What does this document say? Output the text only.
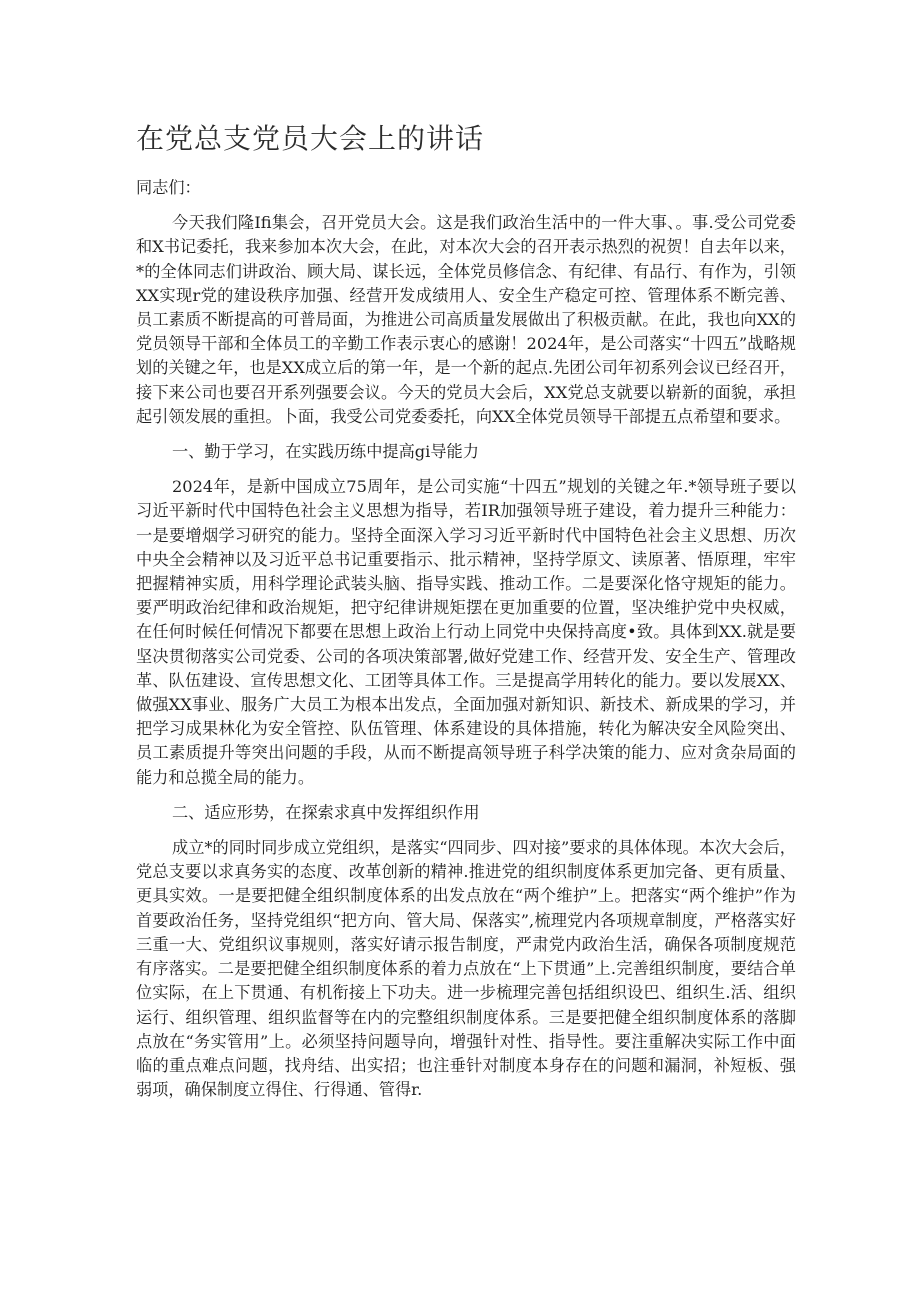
在党总支党员大会上的讲话

同志们：

今天我们隆Ifi集会，召开党员大会。这是我们政治生活中的一件大事、。事.受公司党委和X书记委托，我来参加本次大会，在此，对本次大会的召开表示热烈的祝贺！自去年以来，*的全体同志们讲政治、顾大局、谋长远，全体党员修信念、有纪律、有品行、有作为，引领XX实现r党的建设秩序加强、经营开发成绩用人、安全生产稳定可控、管理体系不断完善、员工素质不断提高的可普局面，为推进公司高质量发展做出了积极贡献。在此，我也向XX的党员领导干部和全体员工的辛勤工作表示衷心的感谢！2024年，是公司落实“十四五”战略规划的关键之年，也是XX成立后的第一年，是一个新的起点.先团公司年初系列会议已经召开，接下来公司也要召开系列强要会议。今天的党员大会后，XX党总支就要以崭新的面貌，承担起引领发展的重担。卜面，我受公司党委委托，向XX全体党员领导干部提五点希望和要求。

一、勤于学习，在实践历练中提高gi导能力

2024年，是新中国成立75周年，是公司实施“十四五”规划的关键之年.*领导班子要以习近平新时代中国特色社会主义思想为指导，若IR加强领导班子建设，着力提升三种能力：一是要增烟学习研究的能力。坚持全面深入学习习近平新时代中国特色社会主义思想、历次中央全会精神以及习近平总书记重要指示、批示精神，坚持学原文、读原著、悟原理，牢牢把握精神实质，用科学理论武装头脑、指导实践、推动工作。二是要深化恪守规矩的能力。要严明政治纪律和政治规矩，把守纪律讲规矩摆在更加重要的位置，坚决维护党中央权威，在任何时候任何情况下都要在思想上政治上行动上同党中央保持高度•致。具体到XX.就是要坚决贯彻落实公司党委、公司的各项决策部署,做好党建工作、经营开发、安全生产、管理改革、队伍建设、宣传思想文化、工团等具体工作。三是提高学用转化的能力。要以发展XX、做强XX事业、服务广大员工为根本出发点，全面加强对新知识、新技术、新成果的学习，并把学习成果林化为安全管控、队伍管理、体系建设的具体措施，转化为解决安全风险突出、员工素质提升等突出问题的手段，从而不断提高领导班子科学决策的能力、应对贪杂局面的能力和总揽全局的能力。

二、适应形势，在探索求真中发挥组织作用

成立*的同时同步成立党组织，是落实“四同步、四对接”要求的具体体现。本次大会后，党总支要以求真务实的态度、改革创新的精神.推进党的组织制度体系更加完备、更有质量、更具实效。一是要把健全组织制度体系的出发点放在“两个维护”上。把落实“两个维护”作为首要政治任务，坚持党组织“把方向、管大局、保落实”,梳理党内各项规章制度，严格落实好三重一大、党组织议事规则，落实好请示报告制度，严肃党内政治生活，确保各项制度规范有序落实。二是要把健全组织制度体系的着力点放在“上下贯通”上.完善组织制度，要结合单位实际，在上下贯通、有机衔接上下功夫。进一步梳理完善包括组织设巴、组织生.活、组织运行、组织管理、组织监督等在内的完整组织制度体系。三是要把健全组织制度体系的落脚点放在“务实管用”上。必须坚持问题导向，增强针对性、指导性。要注重解决实际工作中面临的重点难点问题，找舟结、出实招；也注垂针对制度本身存在的问题和漏洞，补短板、强弱项，确保制度立得住、行得通、管得r.
